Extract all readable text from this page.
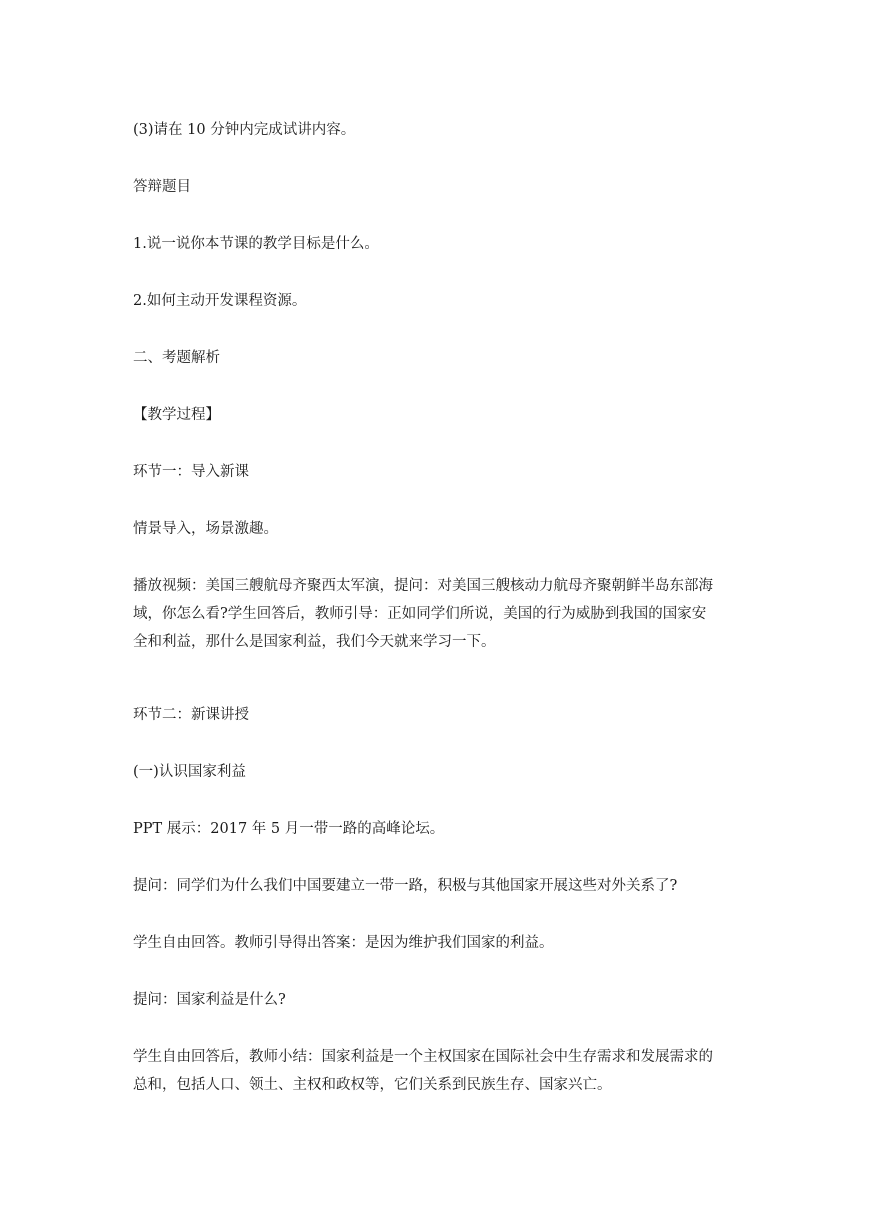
(3)请在 10 分钟内完成试讲内容。

答辩题目

1.说一说你本节课的教学目标是什么。

2.如何主动开发课程资源。

二、考题解析

【教学过程】

环节一：导入新课

情景导入，场景激趣。

播放视频：美国三艘航母齐聚西太军演，提问：对美国三艘核动力航母齐聚朝鲜半岛东部海
域，你怎么看?学生回答后，教师引导：正如同学们所说，美国的行为威胁到我国的国家安
全和利益，那什么是国家利益，我们今天就来学习一下。

环节二：新课讲授

(一)认识国家利益

PPT 展示：2017 年 5 月一带一路的高峰论坛。

提问：同学们为什么我们中国要建立一带一路，积极与其他国家开展这些对外关系了?

学生自由回答。教师引导得出答案：是因为维护我们国家的利益。

提问：国家利益是什么?

学生自由回答后，教师小结：国家利益是一个主权国家在国际社会中生存需求和发展需求的
总和，包括人口、领土、主权和政权等，它们关系到民族生存、国家兴亡。
